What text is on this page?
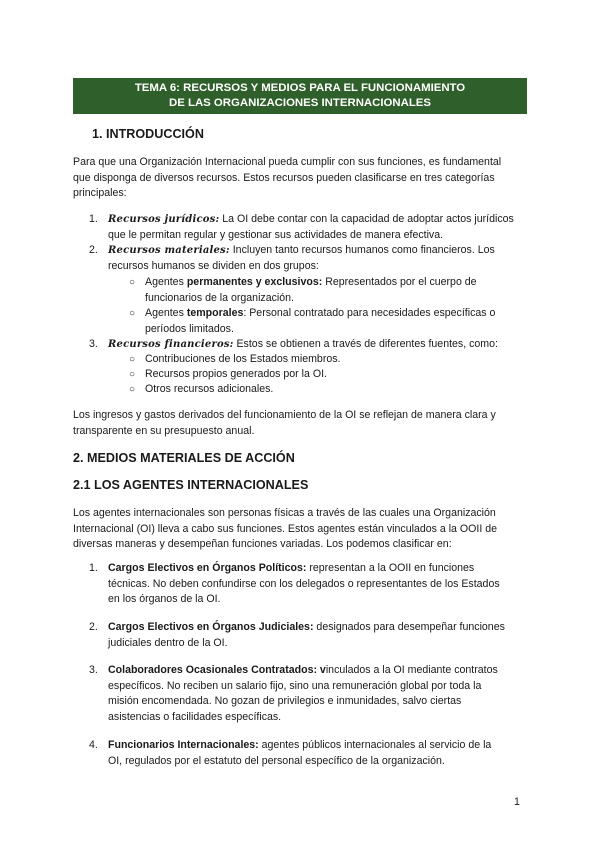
TEMA 6: RECURSOS Y MEDIOS PARA EL FUNCIONAMIENTO
DE LAS ORGANIZACIONES INTERNACIONALES
1. INTRODUCCIÓN
Para que una Organización Internacional pueda cumplir con sus funciones, es fundamental
que disponga de diversos recursos. Estos recursos pueden clasificarse en tres categorías
principales:
1.	Recursos jurídicos: La OI debe contar con la capacidad de adoptar actos jurídicos
que le permitan regular y gestionar sus actividades de manera efectiva.
2.	Recursos materiales: Incluyen tanto recursos humanos como financieros. Los
recursos humanos se dividen en dos grupos:
○ Agentes permanentes y exclusivos: Representados por el cuerpo de
funcionarios de la organización.
○ Agentes temporales: Personal contratado para necesidades específicas o
períodos limitados.
3.	Recursos financieros: Estos se obtienen a través de diferentes fuentes, como:
○ Contribuciones de los Estados miembros.
○ Recursos propios generados por la OI.
○ Otros recursos adicionales.
Los ingresos y gastos derivados del funcionamiento de la OI se reflejan de manera clara y
transparente en su presupuesto anual.
2. MEDIOS MATERIALES DE ACCIÓN
2.1 LOS AGENTES INTERNACIONALES
Los agentes internacionales son personas físicas a través de las cuales una Organización
Internacional (OI) lleva a cabo sus funciones. Estos agentes están vinculados a la OOII de
diversas maneras y desempeñan funciones variadas. Los podemos clasificar en:
1. Cargos Electivos en Órganos Políticos: representan a la OOII en funciones
técnicas. No deben confundirse con los delegados o representantes de los Estados
en los órganos de la OI.
2. Cargos Electivos en Órganos Judiciales: designados para desempeñar funciones
judiciales dentro de la OI.
3. Colaboradores Ocasionales Contratados: vinculados a la OI mediante contratos
específicos. No reciben un salario fijo, sino una remuneración global por toda la
misión encomendada. No gozan de privilegios e inmunidades, salvo ciertas
asistencias o facilidades específicas.
4. Funcionarios Internacionales: agentes públicos internacionales al servicio de la
OI, regulados por el estatuto del personal específico de la organización.
1
